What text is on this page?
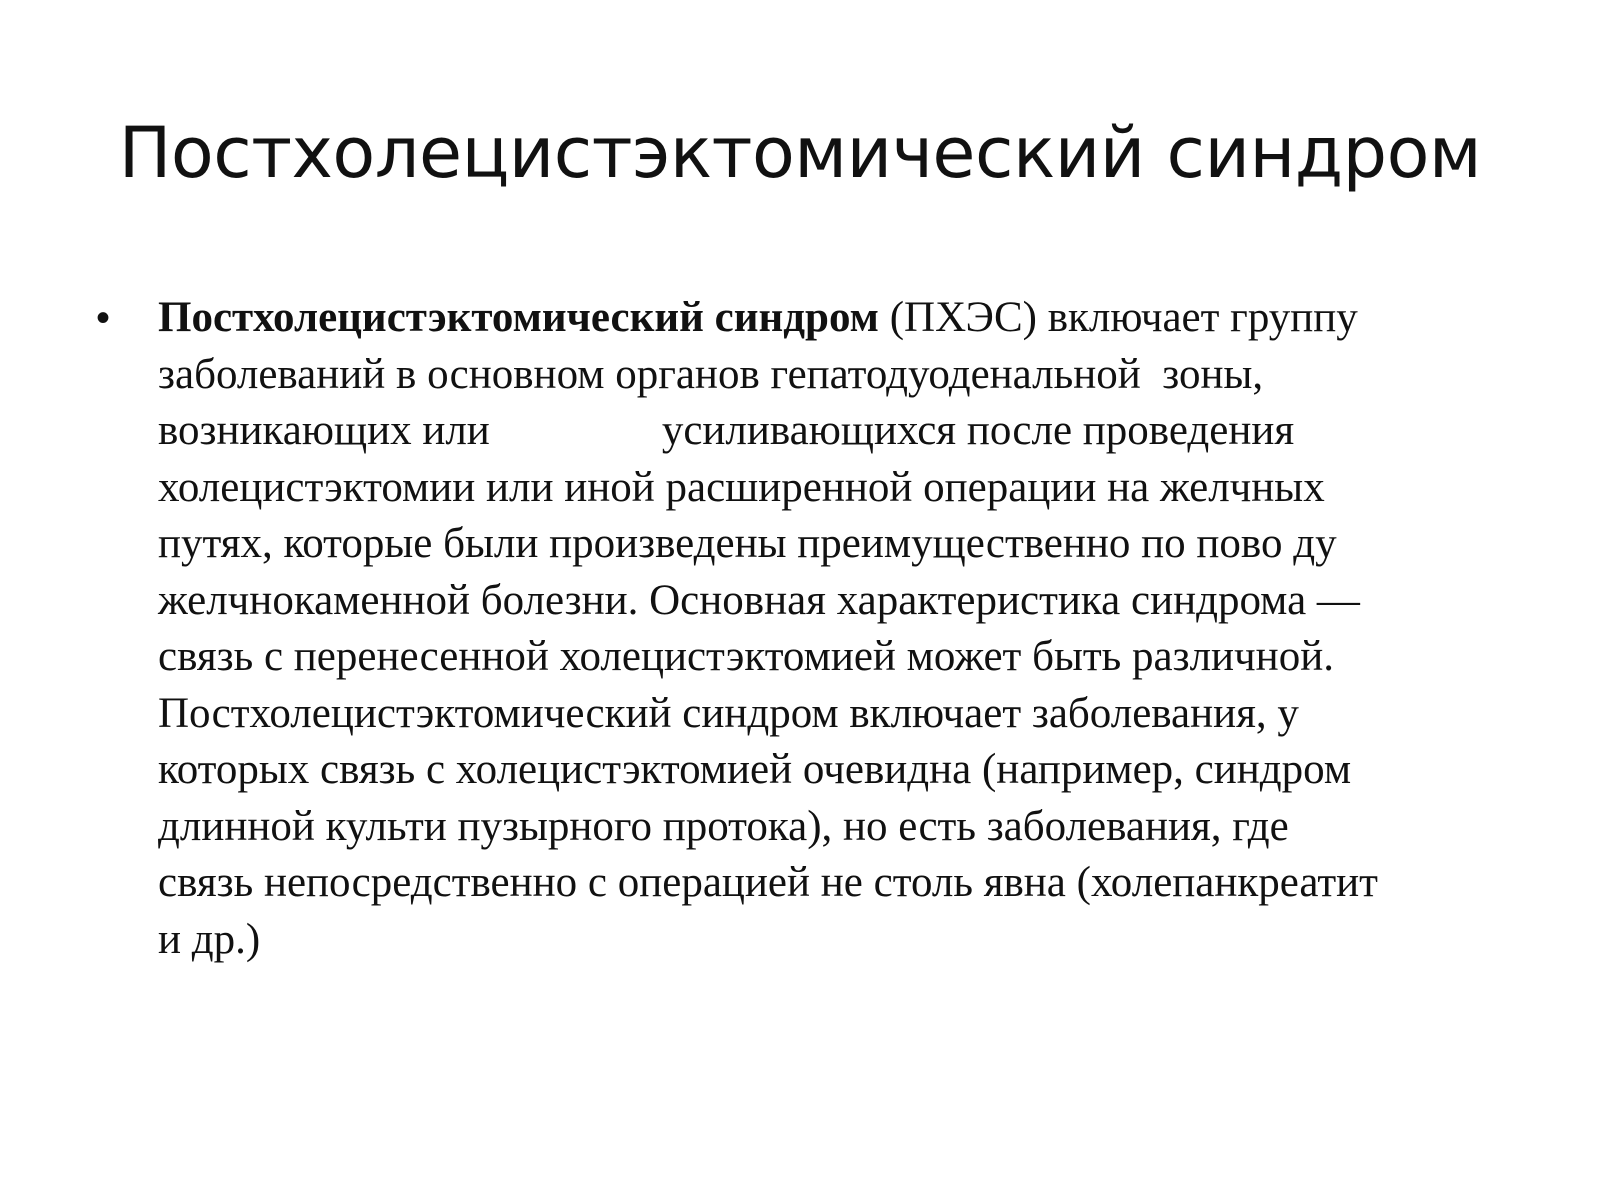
Постхолецистэктомический синдром
• Постхолецистэктомический синдром (ПХЭС) включает группу
заболеваний в основном органов гепатодуоденальной  зоны,
возникающих или                усиливающихся после проведения
холецистэктомии или иной расширенной операции на желчных
путях, которые были произведены преимущественно по пово ду
желчнокаменной болезни. Основная характеристика синдрома —
связь с перенесенной холецистэктомией может быть различной.
Постхолецистэктомический синдром включает заболевания, у
которых связь с холецистэктомией очевидна (например, синдром
длинной культи пузырного протока), но есть заболевания, где
связь непосредственно с операцией не столь явна (холепанкреатит
и др.)
